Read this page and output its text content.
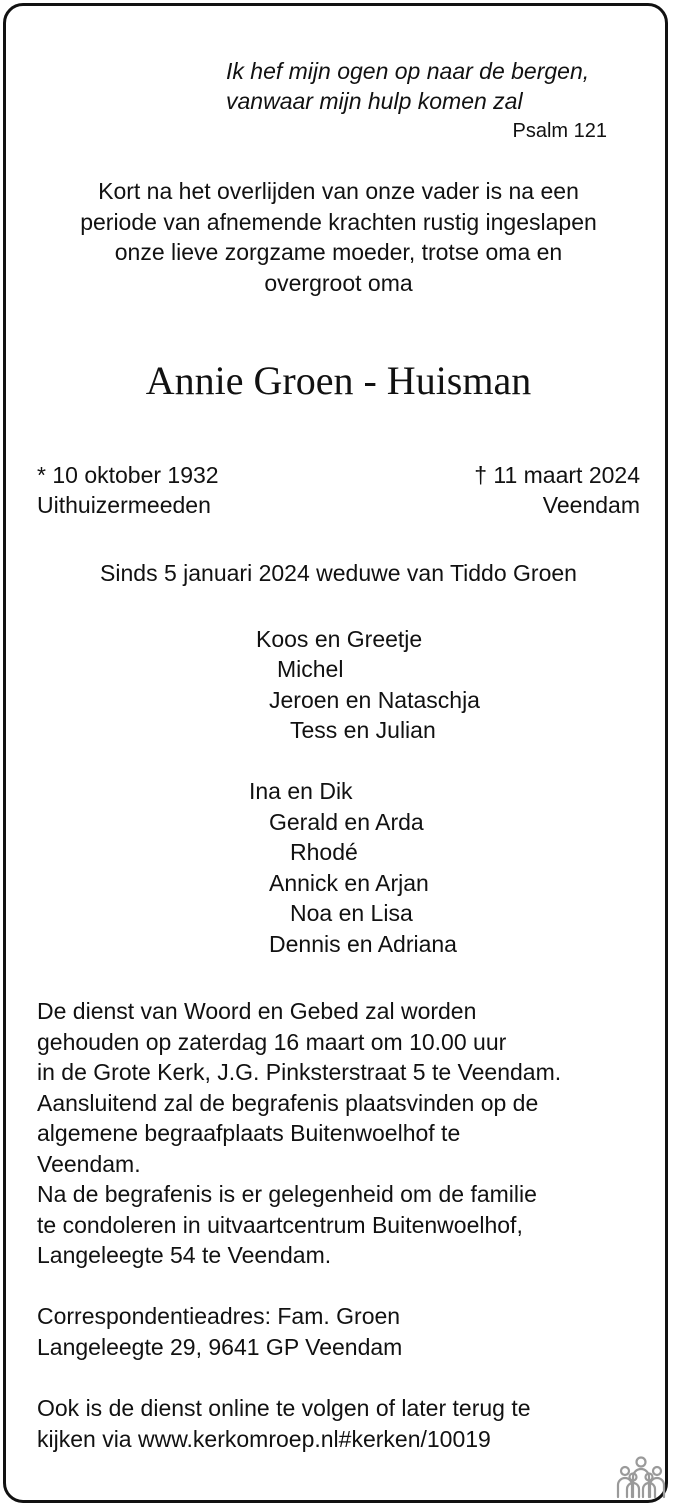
Ik hef mijn ogen op naar de bergen,
vanwaar mijn hulp komen zal
Psalm 121
Kort na het overlijden van onze vader is na een
periode van afnemende krachten rustig ingeslapen
onze lieve zorgzame moeder, trotse oma en
overgroot oma
Annie Groen - Huisman
* 10 oktober 1932	† 11 maart 2024
Uithuizermeeden	Veendam
Sinds 5 januari 2024 weduwe van Tiddo Groen
Koos en Greetje
Michel
Jeroen en Nataschja
Tess en Julian
Ina en Dik
Gerald en Arda
Rhodé
Annick en Arjan
Noa en Lisa
Dennis en Adriana
De dienst van Woord en Gebed zal worden
gehouden op zaterdag 16 maart om 10.00 uur
in de Grote Kerk, J.G. Pinksterstraat 5 te Veendam.
Aansluitend zal de begrafenis plaatsvinden op de
algemene begraafplaats Buitenwoelhof te
Veendam.
Na de begrafenis is er gelegenheid om de familie
te condoleren in uitvaartcentrum Buitenwoelhof,
Langeleegte 54 te Veendam.
Correspondentieadres: Fam. Groen
Langeleegte 29, 9641 GP Veendam
Ook is de dienst online te volgen of later terug te
kijken via www.kerkomroep.nl#kerken/10019
